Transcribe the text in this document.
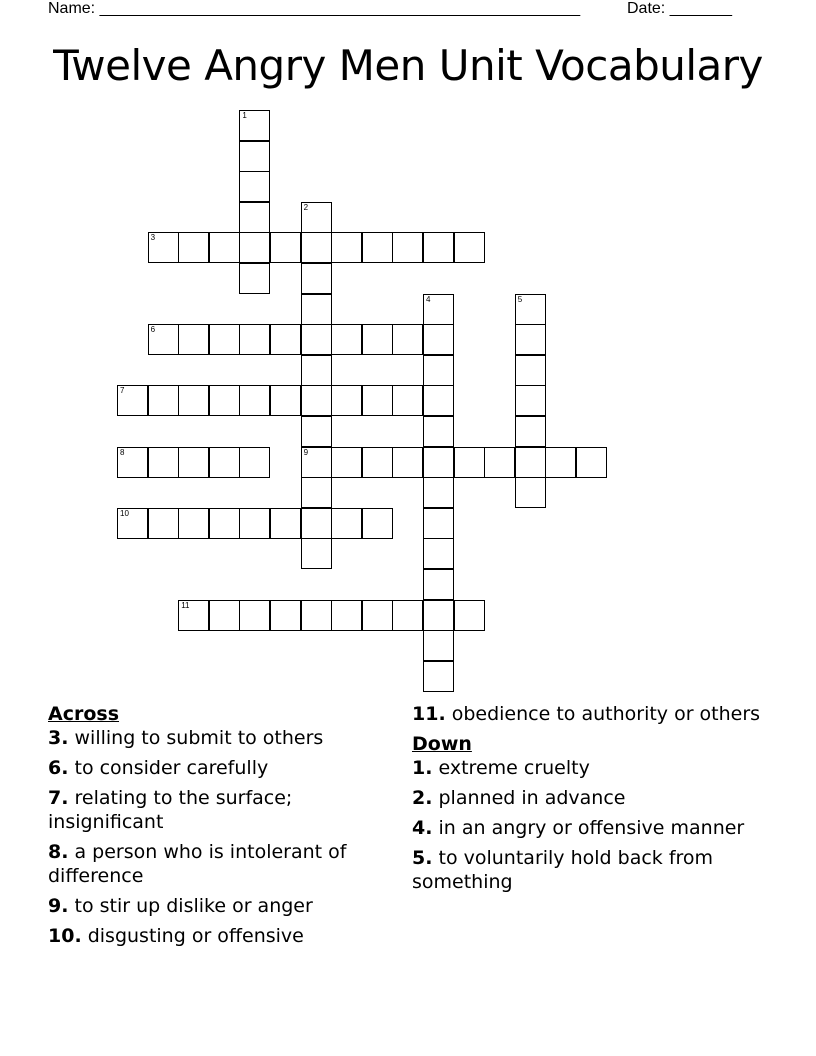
Name: ______________________________________________________	Date: _______
Twelve Angry Men Unit Vocabulary
3
6
7
8	9
10
11
1
2
4	5
Across
3. willing to submit to others
6. to consider carefully
7. relating to the surface; insignificant
8. a person who is intolerant of difference
9. to stir up dislike or anger
10. disgusting or offensive
11. obedience to authority or others
Down
1. extreme cruelty
2. planned in advance
4. in an angry or offensive manner
5. to voluntarily hold back from something
